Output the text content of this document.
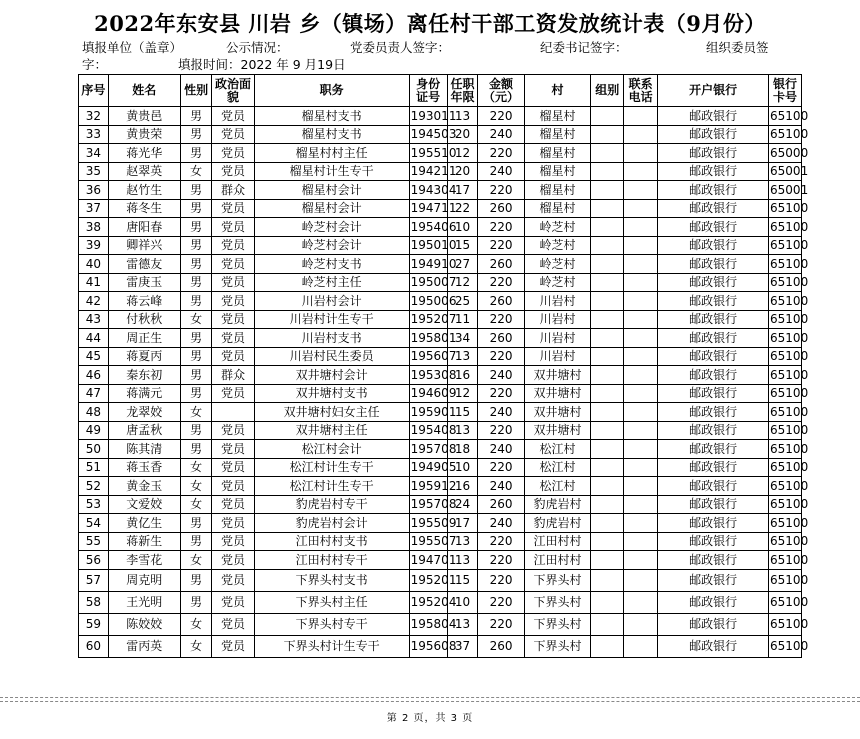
2022年东安县 川岩 乡（镇场）离任村干部工资发放统计表（9月份）
填报单位（盖章）	公示情况：	党委员责人签字：	纪委书记签字：	组织委员签
字：	填报时间：2022 年 9 月19日
序号	姓名	性别	政治面貌	职务	身份证号	任职年限	金额（元）	村	组别	联系电话	开户银行	银行卡号
32	黄贵邑	男	党员	榴星村支书	193011	13	220	榴星村			邮政银行	65100
33	黄贵荣	男	党员	榴星村支书	194503	20	240	榴星村			邮政银行	65100
34	蒋光华	男	党员	榴星村村主任	195510	12	220	榴星村			邮政银行	65000
35	赵翠英	女	党员	榴星村计生专干	194211	20	240	榴星村			邮政银行	65001
36	赵竹生	男	群众	榴星村会计	194304	17	220	榴星村			邮政银行	65001
37	蒋冬生	男	党员	榴星村会计	194711	22	260	榴星村			邮政银行	65100
38	唐阳春	男	党员	岭芝村会计	195406	10	220	岭芝村			邮政银行	65100
39	卿祥兴	男	党员	岭芝村会计	195010	15	220	岭芝村			邮政银行	65100
40	雷德友	男	党员	岭芝村支书	194910	27	260	岭芝村			邮政银行	65100
41	雷庚玉	男	党员	岭芝村主任	195007	12	220	岭芝村			邮政银行	65100
42	蒋云峰	男	党员	川岩村会计	195006	25	260	川岩村			邮政银行	65100
43	付秋秋	女	党员	川岩村计生专干	195207	11	220	川岩村			邮政银行	65100
44	周正生	男	党员	川岩村支书	195801	34	260	川岩村			邮政银行	65100
45	蒋夏丙	男	党员	川岩村民生委员	195607	13	220	川岩村			邮政银行	65100
46	秦东初	男	群众	双井塘村会计	195308	16	240	双井塘村			邮政银行	65100
47	蒋满元	男	党员	双井塘村支书	194609	12	220	双井塘村			邮政银行	65100
48	龙翠姣	女		双井塘村妇女主任	195901	15	240	双井塘村			邮政银行	65100
49	唐孟秋	男	党员	双井塘村主任	195408	13	220	双井塘村			邮政银行	65100
50	陈其清	男	党员	松江村会计	195708	18	240	松江村			邮政银行	65100
51	蒋玉香	女	党员	松江村计生专干	194905	10	220	松江村			邮政银行	65100
52	黄金玉	女	党员	松江村计生专干	195912	16	240	松江村			邮政银行	65100
53	文爱姣	女	党员	豹虎岩村专干	195708	24	260	豹虎岩村			邮政银行	65100
54	黄亿生	男	党员	豹虎岩村会计	195509	17	240	豹虎岩村			邮政银行	65100
55	蒋新生	男	党员	江田村村支书	195507	13	220	江田村村			邮政银行	65100
56	李雪花	女	党员	江田村村专干	194701	13	220	江田村村			邮政银行	65100
57	周克明	男	党员	下界头村支书	195201	15	220	下界头村			邮政银行	65100
58	王光明	男	党员	下界头村主任	195204	10	220	下界头村			邮政银行	65100
59	陈姣姣	女	党员	下界头村专干	195804	13	220	下界头村			邮政银行	65100
60	雷丙英	女	党员	下界头村计生专干	195608	37	260	下界头村			邮政银行	65100
第 2 页，共 3 页
